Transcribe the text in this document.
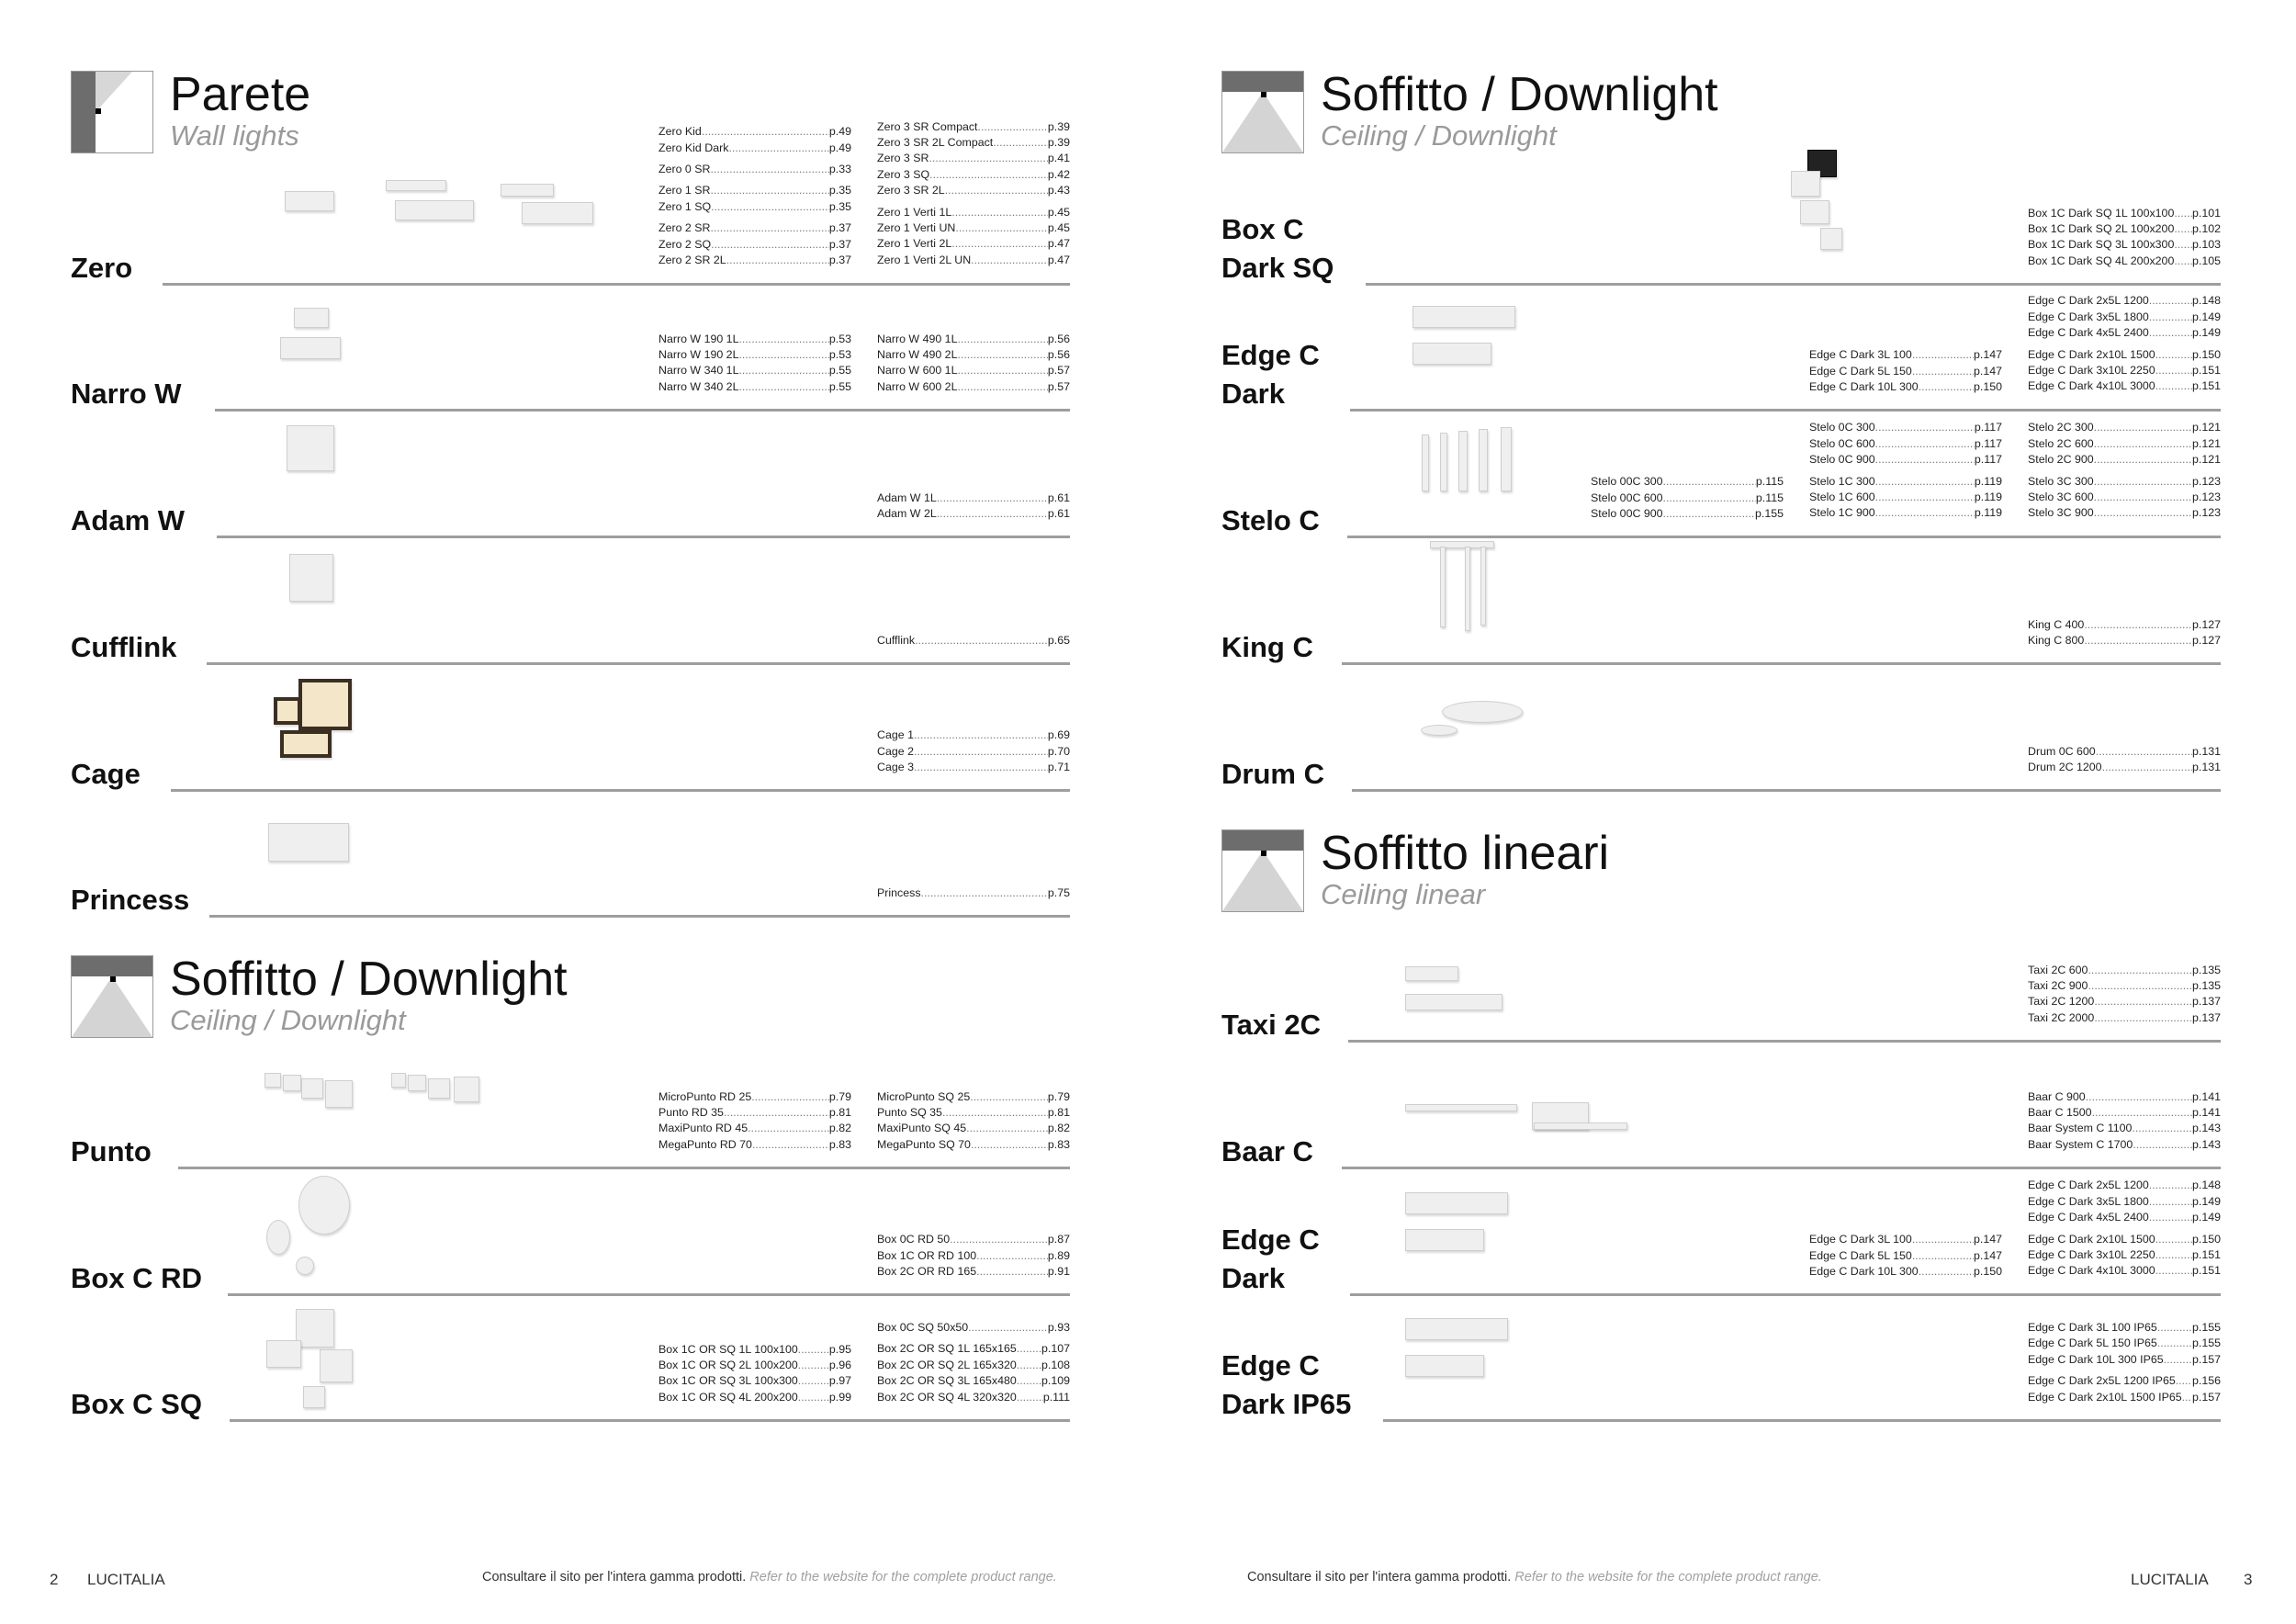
Parete
Wall lights
Soffitto / Downlight
Ceiling / Downlight
Zero
Zero Kid .....	p.49
Zero Kid Dark .....	p.49
Zero 0 SR .....	p.33
Zero 1 SR .....	p.35
Zero 1 SQ .....	p.35
Zero 2 SR .....	p.37
Zero 2 SQ .....	p.37
Zero 2 SR 2L .....	p.37
Zero 3 SR Compact .....	p.39
Zero 3 SR 2L Compact .....	p.39
Zero 3 SR .....	p.41
Zero 3 SQ .....	p.42
Zero 3 SR 2L .....	p.43
Zero 1 Verti 1L .....	p.45
Zero 1 Verti UN .....	p.45
Zero 1 Verti 2L .....	p.47
Zero 1 Verti 2L UN .....	p.47
Narro W
Narro W 190 1L .....	p.53
Narro W 190 2L .....	p.53
Narro W 340 1L .....	p.55
Narro W 340 2L .....	p.55
Narro W 490 1L .....	p.56
Narro W 490 2L .....	p.56
Narro W 600 1L .....	p.57
Narro W 600 2L .....	p.57
Adam W
Adam W 1L .....	p.61
Adam W 2L .....	p.61
Cufflink	Cufflink .....	p.65
Cage
Cage 1 .....	p.69
Cage 2 .....	p.70
Cage 3 .....	p.71
Princess	Princess .....	p.75
Punto
MicroPunto RD 25 .....	p.79
Punto RD 35 .....	p.81
MaxiPunto RD 45 .....	p.82
MegaPunto RD 70 .....	p.83
MicroPunto SQ 25 .....	p.79
Punto SQ 35 .....	p.81
MaxiPunto SQ 45 .....	p.82
MegaPunto SQ 70 .....	p.83
Box C RD
Box 0C RD 50 .....	p.87
Box 1C OR RD 100 .....	p.89
Box 2C OR RD 165 .....	p.91
Box C SQ
Box 1C OR SQ 1L 100x100 .....	p.95
Box 1C OR SQ 2L 100x200 .....	p.96
Box 1C OR SQ 3L 100x300 .....	p.97
Box 1C OR SQ 4L 200x200 .....	p.99
Box 0C SQ 50x50 .....	p.93
Box 2C OR SQ 1L 165x165 ..... p.107
Box 2C OR SQ 2L 165x320 ..... p.108
Box 2C OR SQ 3L 165x480 ..... p.109
Box 2C OR SQ 4L 320x320 ..... p.111
2 LUCITALIA	Consultare il sito per l'intera gamma prodotti. Refer to the website for the complete product range.
Soffitto / Downlight
Ceiling / Downlight
Soffitto lineari
Ceiling linear
Box C
Dark SQ
Box 1C Dark SQ 1L 100x100 ..... p.101
Box 1C Dark SQ 2L 100x200 ..... p.102
Box 1C Dark SQ 3L 100x300 ..... p.103
Box 1C Dark SQ 4L 200x200 ..... p.105
Edge C
Dark
Edge C Dark 3L 100 .....	p.147
Edge C Dark 5L 150 .....	p.147
Edge C Dark 10L 300 .....	p.150
Edge C Dark 2x5L 1200 .....	p.148
Edge C Dark 3x5L 1800 .....	p.149
Edge C Dark 4x5L 2400 .....	p.149
Edge C Dark 2x10L 1500 .....	p.150
Edge C Dark 3x10L 2250 .....	p.151
Edge C Dark 4x10L 3000 .....	p.151
Stelo C
Stelo 00C 300 .....	p.115
Stelo 00C 600 .....	p.115
Stelo 00C 900 .....	p.155
Stelo 0C 300 .....	p.117
Stelo 0C 600 .....	p.117
Stelo 0C 900 .....	p.117
Stelo 1C 300 .....	p.119
Stelo 1C 600 .....	p.119
Stelo 1C 900 .....	p.119
Stelo 2C 300 .....	p.121
Stelo 2C 600 .....	p.121
Stelo 2C 900 .....	p.121
Stelo 3C 300 .....	p.123
Stelo 3C 600 .....	p.123
Stelo 3C 900 .....	p.123
King C
King C 400 .....	p.127
King C 800 .....	p.127
Drum C
Drum 0C 600 .....	p.131
Drum 2C 1200 .....	p.131
Taxi 2C
Taxi 2C 600 .....	p.135
Taxi 2C 900 .....	p.135
Taxi 2C 1200 .....	p.137
Taxi 2C 2000 .....	p.137
Baar C
Baar C 900 .....	p.141
Baar C 1500 .....	p.141
Baar System C 1100 .....	p.143
Baar System C 1700 .....	p.143
Edge C
Dark
Edge C Dark 3L 100 .....	p.147
Edge C Dark 5L 150 .....	p.147
Edge C Dark 10L 300 .....	p.150
Edge C Dark 2x5L 1200 .....	p.148
Edge C Dark 3x5L 1800 .....	p.149
Edge C Dark 4x5L 2400 .....	p.149
Edge C Dark 2x10L 1500 .....	p.150
Edge C Dark 3x10L 2250 .....	p.151
Edge C Dark 4x10L 3000 .....	p.151
Edge C
Dark IP65
Edge C Dark 3L 100 IP65 .....	p.155
Edge C Dark 5L 150 IP65 .....	p.155
Edge C Dark 10L 300 IP65 .....	p.157
Edge C Dark 2x5L 1200 IP65 ..... p.156
Edge C Dark 2x10L 1500 IP65 ..... p.157
Consultare il sito per l'intera gamma prodotti. Refer to the website for the complete product range.	LUCITALIA 3
